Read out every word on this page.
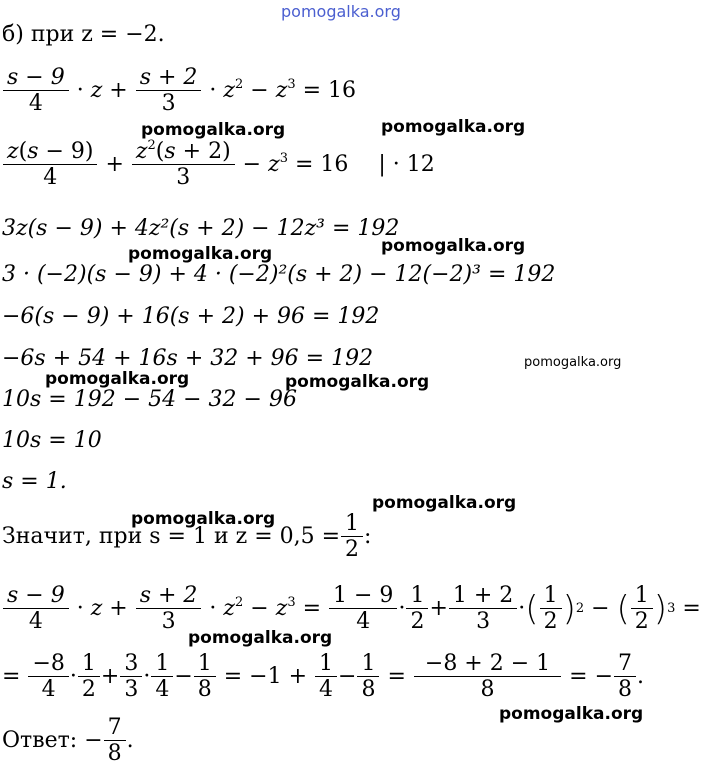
pomogalka.org
pomogalka.org	pomogalka.org
pomogalka.org	pomogalka.org
pomogalka.org
pomogalka.org	pomogalka.org
pomogalka.org
pomogalka.org
pomogalka.org
pomogalka.org
б) при z = −2.
$\frac{s - 9}{4} \cdot z + \frac{s + 2}{3} \cdot z^2 - z^3 = 16$
$\frac{z(s - 9)}{4} + \frac{z^2(s + 2)}{3} - z^3 = 16$ | · 12
3z(s − 9) + 4z²(s + 2) − 12z³ = 192
3 · (−2)(s − 9) + 4 · (−2)²(s + 2) − 12(−2)³ = 192
−6(s − 9) + 16(s + 2) + 96 = 192
−6s + 54 + 16s + 32 + 96 = 192
10s = 192 − 54 − 32 − 96
10s = 10
s = 1.
Значит, при s = 1 и $z = 0,5 = \frac{1}{2}$ :
$\frac{s - 9}{4} \cdot z + \frac{s + 2}{3} \cdot z^2 - z^3 = \frac{1 - 9}{4} \cdot \frac{1}{2} + \frac{1 + 2}{3}$ · ( $\frac{1}{2}$ ) 2 − ( $\frac{1}{2}$ ) 3 =
= $\frac{-8}{4} \cdot \frac{1}{2} + \frac{3}{3} \cdot \frac{1}{4} - \frac{1}{8} = -1 + \frac{1}{4} - \frac{1}{8} = \frac{-8 + 2 - 1}{8}$ = − $\frac{7}{8}$ .
Ответ: − $\frac{7}{8}$ .
